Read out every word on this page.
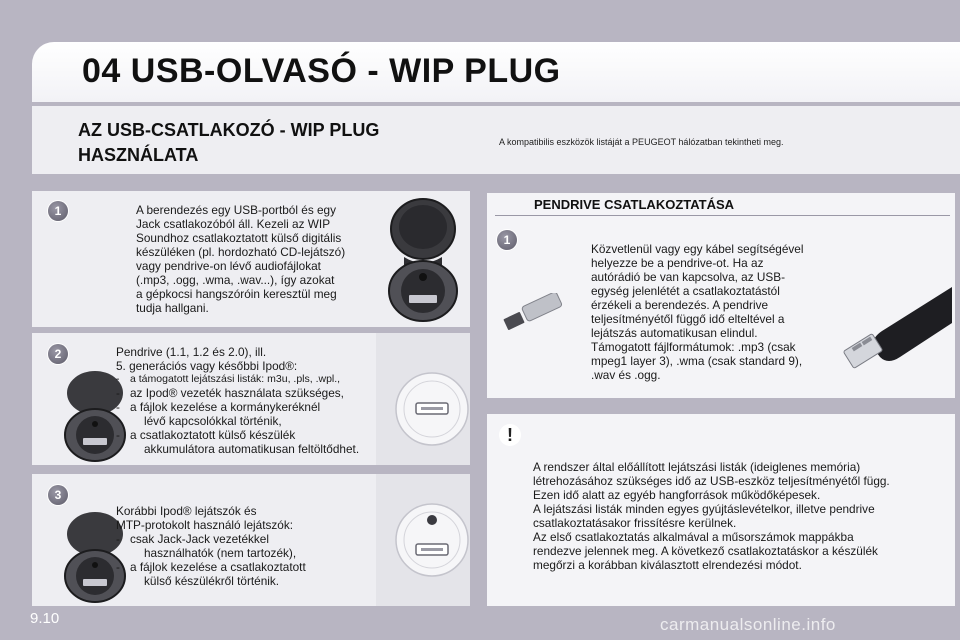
04 USB-OLVASÓ - WIP PLUG
AZ USB-CSATLAKOZÓ - WIP PLUG
HASZNÁLATA
A kompatibilis eszközök listáját a PEUGEOT hálózatban tekintheti meg.
1	A berendezés egy USB-portból és egy

Jack csatlakozóból áll. Kezeli az WIP

Soundhoz csatlakoztatott külső digitális

készüléken (pl. hordozható CD-lejátszó)

vagy pendrive-on lévő audiofájlokat

(.mp3, .ogg, .wma, .wav...), így azokat

a gépkocsi hangszóróin keresztül meg

tudja hallgani.

2	Pendrive (1.1, 1.2 és 2.0), ill.

5. generációs vagy későbbi Ipod®:

- a támogatott lejátszási listák: m3u, .pls, .wpl.,

- az Ipod® vezeték használata szükséges,

- a fájlok kezelése a kormánykeréknél

lévő kapcsolókkal történik,

- a csatlakoztatott külső készülék

akkumulátora automatikusan feltöltődhet.

3

Korábbi Ipod® lejátszók és

MTP-protokolt használó lejátszók:

- csak Jack-Jack vezetékkel

használhatók (nem tartozék),

- a fájlok kezelése a csatlakoztatott

külső készülékről történik.

PENDRIVE CSATLAKOZTATÁSA
1

Közvetlenül vagy egy kábel segítségével

helyezze be a pendrive-ot. Ha az

autórádió be van kapcsolva, az USB-

egység jelenlétét a csatlakoztatástól

érzékeli a berendezés. A pendrive

teljesítményétől függő idő elteltével a

lejátszás automatikusan elindul.

Támogatott fájlformátumok: .mp3 (csak

mpeg1 layer 3), .wma (csak standard 9),

.wav és .ogg.

!

A rendszer által előállított lejátszási listák (ideiglenes memória)

létrehozásához szükséges idő az USB-eszköz teljesítményétől függ.

Ezen idő alatt az egyéb hangforrások működőképesek.

A lejátszási listák minden egyes gyújtáslevételkor, illetve pendrive

csatlakoztatásakor frissítésre kerülnek.

Az első csatlakoztatás alkalmával a műsorszámok mappákba

rendezve jelennek meg. A következő csatlakoztatáskor a készülék

megőrzi a korábban kiválasztott elrendezési módot.

9.10	carmanualsonline.info
